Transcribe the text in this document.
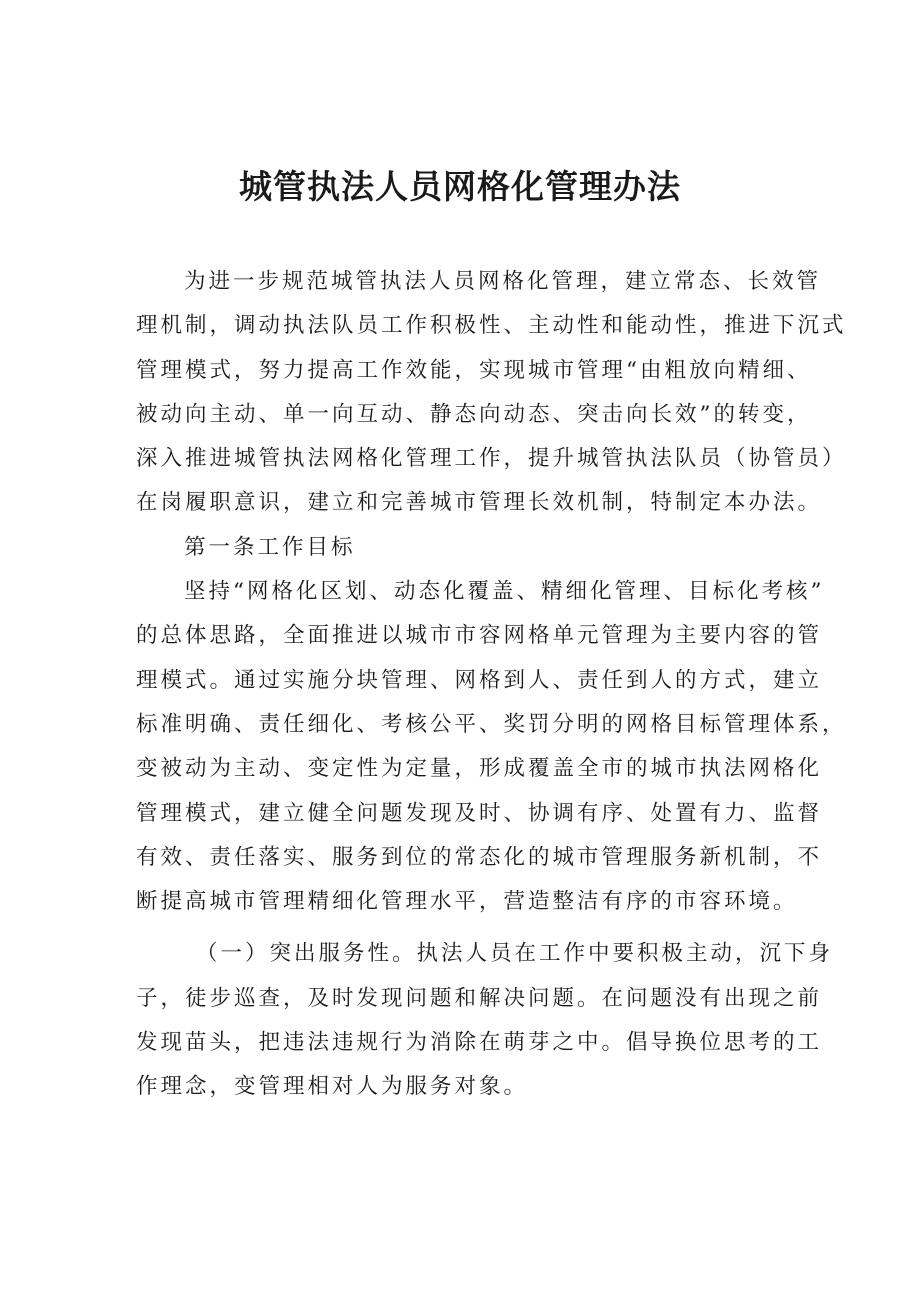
城管执法人员网格化管理办法
为进一步规范城管执法人员网格化管理，建立常态、长效管
理机制，调动执法队员工作积极性、主动性和能动性，推进下沉式
管理模式，努力提高工作效能，实现城市管理“由粗放向精细、
被动向主动、单一向互动、静态向动态、突击向长效”的转变，
深入推进城管执法网格化管理工作，提升城管执法队员（协管员）
在岗履职意识，建立和完善城市管理长效机制，特制定本办法。
第一条工作目标
坚持“网格化区划、动态化覆盖、精细化管理、目标化考核”
的总体思路，全面推进以城市市容网格单元管理为主要内容的管
理模式。通过实施分块管理、网格到人、责任到人的方式，建立
标准明确、责任细化、考核公平、奖罚分明的网格目标管理体系，
变被动为主动、变定性为定量，形成覆盖全市的城市执法网格化
管理模式，建立健全问题发现及时、协调有序、处置有力、监督
有效、责任落实、服务到位的常态化的城市管理服务新机制，不
断提高城市管理精细化管理水平，营造整洁有序的市容环境。
（一）突出服务性。执法人员在工作中要积极主动，沉下身
子，徒步巡查，及时发现问题和解决问题。在问题没有出现之前
发现苗头，把违法违规行为消除在萌芽之中。倡导换位思考的工
作理念，变管理相对人为服务对象。
